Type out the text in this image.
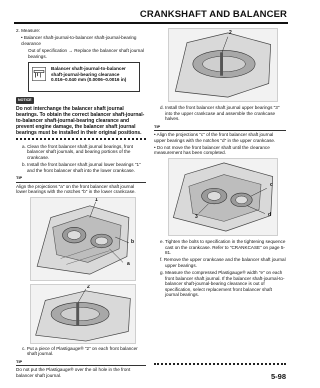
CRANKSHAFT AND BALANCER
2. Measure:
• Balancer shaft-journal-to-balancer shaft-journal-bearing clearance
Out of specification → Replace the balancer shaft journal bearings.
Balancer shaft-journal-to-balancer shaft-journal-bearing clearance
0.016–0.040 mm (0.0006–0.0016 in)
NOTICE
Do not interchange the balancer shaft journal bearings. To obtain the correct balancer shaft-journal-to-balancer shaft-journal-bearing clearance and prevent engine damage, the balancer shaft journal bearings must be installed in their original positions.
a. Clean the front balancer shaft journal bearings, front balancer shaft journals, and bearing portions of the crankcase.
b. Install the front balancer shaft journal lower bearings "1" and the front balancer shaft into the lower crankcase.
TIP
Align the projections "a" on the front balancer shaft journal lower bearings with the notches "b" in the lower crankcase.
1
a
b
2
c. Put a piece of Plastigauge® "2" on each front balancer shaft journal.
TIP
Do not put the Plastigauge® over the oil hole in the front balancer shaft journal.
2
d. Install the front balancer shaft journal upper bearings "3" into the upper crankcase and assemble the crankcase halves.
TIP
• Align the projections "c" of the front balancer shaft journal upper bearings with the notches "d" in the upper crankcase.
• Do not move the front balancer shaft until the clearance measurement has been completed.
3
c
d
e. Tighten the bolts to specification in the tightening sequence cast on the crankcase. Refer to "CRANKCASE" on page 5-81.
f. Remove the upper crankcase and the balancer shaft journal upper bearings.
g. Measure the compressed Plastigauge® width "e" on each front balancer shaft journal. If the balancer shaft-journal-to-balancer shaft-journal-bearing clearance is out of specification, select replacement front balancer shaft journal bearings.
5-98
